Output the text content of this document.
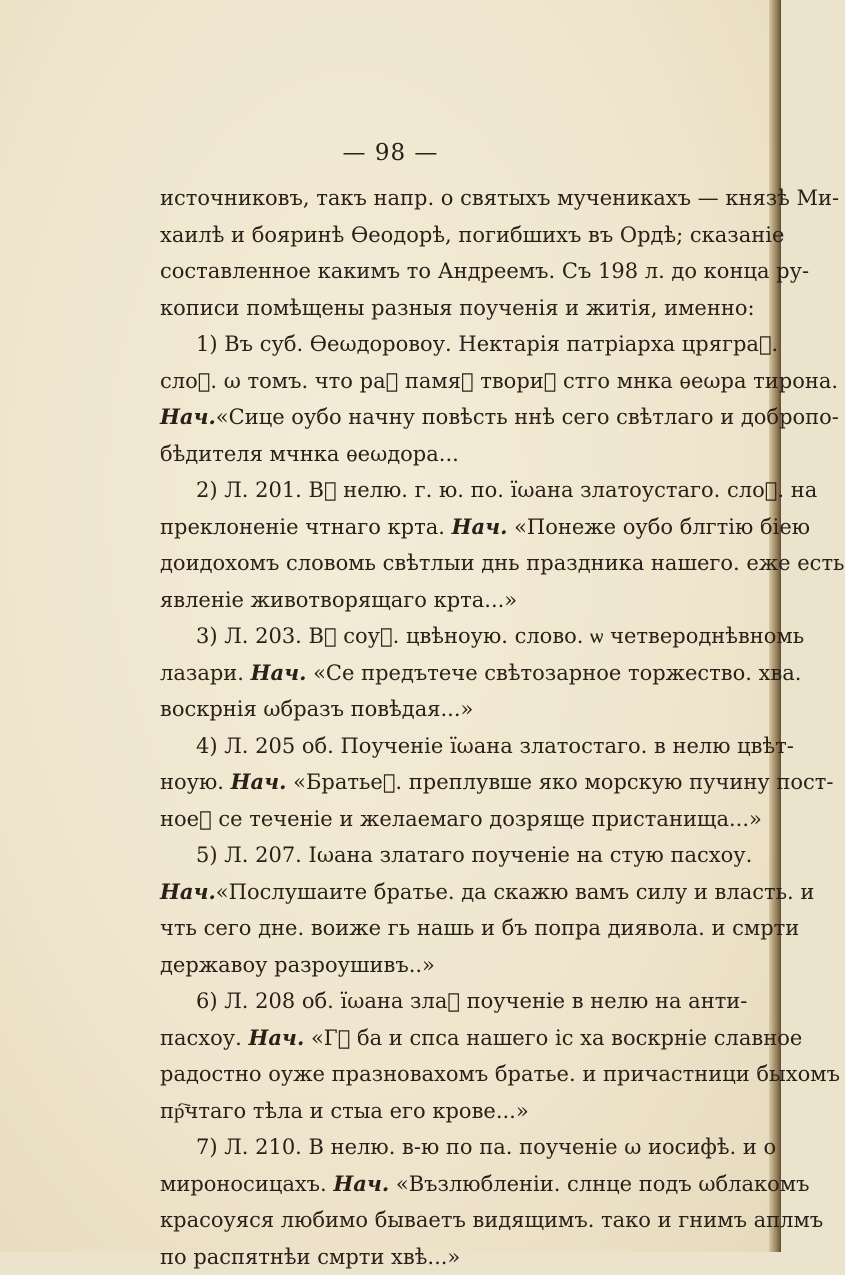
— 98 —
источниковъ, такъ напр. о святыхъ мученикахъ — князѣ Ми-
хаилѣ и бояринѣ Ѳеодорѣ, погибшихъ въ Ордѣ; сказаніе
составленное какимъ то Андреемъ. Съ 198 л. до конца ру-
кописи помѣщены разныя поученія и житія, именно:
1) Въ суб. Ѳеωдоровоу. Нектарія патріарха цряграⷣ.
слоⷡ. ω томъ. что раⷣ памяⷮ твориⷨ стго мнка ѳеωра тирона.
Нач.«Сице оубо начну повѣсть ннѣ сего свѣтлаго и добропо-
бѣдителя мчнка ѳеωдора...
2) Л. 201. Вⷧ нелю. г. ю. по. їωана златоустаго. слоⷡ. на
преклоненіе чтнаго крта. Нач. «Понеже оубо блгтію біею
доидохомъ словомь свѣтлыи днь праздника нашего. еже есть
явленіе животворящаго крта...»
3) Л. 203. Вⷧ соуⷠ. цвѣноую. слово. ѡ четвероднѣвномь
лазари. Нач. «Се предътече свѣтозарное торжество. хва.
воскрнія ωбразъ повѣдая...»
4) Л. 205 об. Поученіе їωана златостаго. в нелю цвѣт-
ноую. Нач. «Братьеⷷ. преплувше яко морскую пучину пост-
ноеⷷ се теченіе и желаемаго дозряще пристанища...»
5) Л. 207. Іωана златаго поученіе на стую пасхоу.
Нач.«Послушаите братье. да скажю вамъ силу и власть. и
чть сего дне. воиже гь нашь и бъ попра диявола. и смрти
державоу разроушивъ..»
6) Л. 208 об. їωана злаⷹ поученіе в нелю на анти-
пасхоу. Нач. «Гⷭ ба и спса нашего іс ха воскрніе славное
радостно оуже празновахомъ братье. и причастници быхомъ
пр҇чтаго тѣла и стыа его крове...»
7) Л. 210. В нелю. в-ю по па. поученіе ω иосифѣ. и о
мироносицахъ. Нач. «Възлюбленіи. слнце подъ ωблакомъ
красоуяся любимо бываетъ видящимъ. тако и гнимъ аплмъ
по распятнѣи смрти хвѣ...»
